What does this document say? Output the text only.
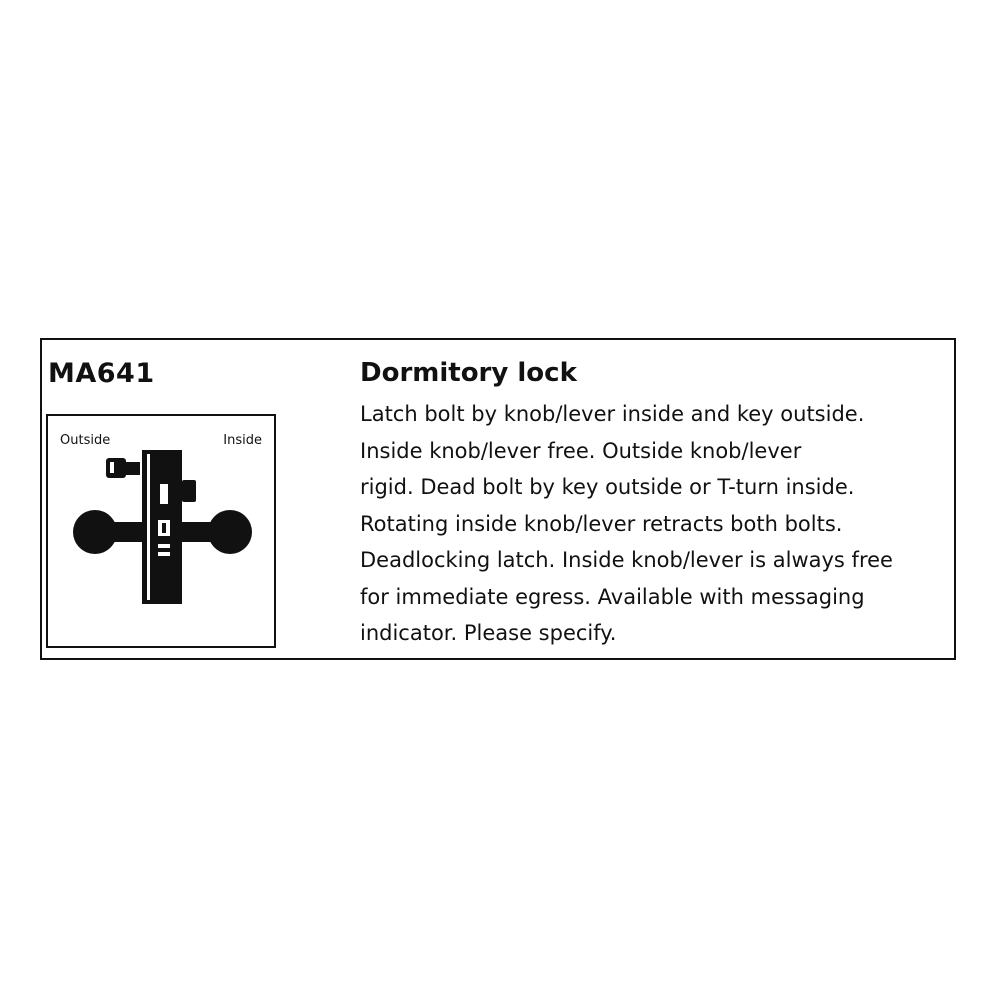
MA641
Outside	Inside
Dormitory lock
Latch bolt by knob/lever inside and key outside.
Inside knob/lever free. Outside knob/lever
rigid. Dead bolt by key outside or T-turn inside.
Rotating inside knob/lever retracts both bolts.
Deadlocking latch. Inside knob/lever is always free
for immediate egress. Available with messaging
indicator. Please specify.
